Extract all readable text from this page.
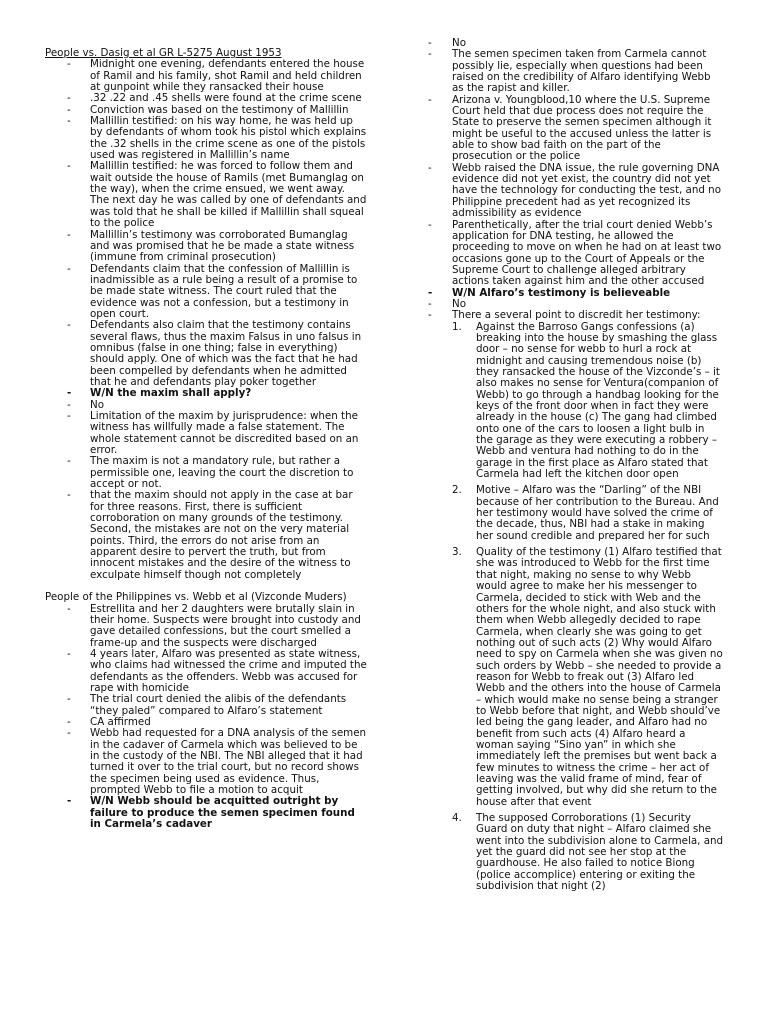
People vs. Dasig et al GR L-5275 August 1953

- Midnight one evening, defendants entered the house of Ramil and his family, shot Ramil and held children at gunpoint while they ransacked their house
- .32 .22 and .45 shells were found at the crime scene
- Conviction was based on the testimony of Mallillin
- Mallillin testified: on his way home, he was held up by defendants of whom took his pistol which explains the .32 shells in the crime scene as one of the pistols used was registered in Mallillin’s name
- Mallillin testified: he was forced to follow them and wait outside the house of Ramils (met Bumanglag on the way), when the crime ensued, we went away. The next day he was called by one of defendants and was told that he shall be killed if Mallillin shall squeal to the police
- Mallillin’s testimony was corroborated Bumanglag and was promised that he be made a state witness (immune from criminal prosecution)
- Defendants claim that the confession of Mallillin is inadmissible as a rule being a result of a promise to be made state witness. The court ruled that the evidence was not a confession, but a testimony in open court.
- Defendants also claim that the testimony contains several flaws, thus the maxim Falsus in uno falsus in omnibus (false in one thing; false in everything) should apply. One of which was the fact that he had been compelled by defendants when he admitted that he and defendants play poker together
- W/N the maxim shall apply?
- No
- Limitation of the maxim by jurisprudence: when the witness has willfully made a false statement. The whole statement cannot be discredited based on an error.
- The maxim is not a mandatory rule, but rather a permissible one, leaving the court the discretion to accept or not.
- that the maxim should not apply in the case at bar for three reasons. First, there is sufficient corroboration on many grounds of the testimony. Second, the mistakes are not on the very material points. Third, the errors do not arise from an apparent desire to pervert the truth, but from innocent mistakes and the desire of the witness to exculpate himself though not completely

People of the Philippines vs. Webb et al (Vizconde Muders)

- Estrellita and her 2 daughters were brutally slain in their home. Suspects were brought into custody and gave detailed confessions, but the court smelled a frame-up and the suspects were discharged
- 4 years later, Alfaro was presented as state witness, who claims had witnessed the crime and imputed the defendants as the offenders. Webb was accused for rape with homicide
- The trial court denied the alibis of the defendants “they paled” compared to Alfaro’s statement
- CA affirmed
- Webb had requested for a DNA analysis of the semen in the cadaver of Carmela which was believed to be in the custody of the NBI. The NBI alleged that it had turned it over to the trial court, but no record shows the specimen being used as evidence. Thus, prompted Webb to file a motion to acquit
- W/N Webb should be acquitted outright by failure to produce the semen specimen found in Carmela’s cadaver
- No
- The semen specimen taken from Carmela cannot possibly lie, especially when questions had been raised on the credibility of Alfaro identifying Webb as the rapist and killer.
- Arizona v. Youngblood,10 where the U.S. Supreme Court held that due process does not require the State to preserve the semen specimen although it might be useful to the accused unless the latter is able to show bad faith on the part of the prosecution or the police
- Webb raised the DNA issue, the rule governing DNA evidence did not yet exist, the country did not yet have the technology for conducting the test, and no Philippine precedent had as yet recognized its admissibility as evidence
- Parenthetically, after the trial court denied Webb’s application for DNA testing, he allowed the proceeding to move on when he had on at least two occasions gone up to the Court of Appeals or the Supreme Court to challenge alleged arbitrary actions taken against him and the other accused
- W/N Alfaro’s testimony is believeable
- No
- There a several point to discredit her testimony:
1. Against the Barroso Gangs confessions (a) breaking into the house by smashing the glass door – no sense for webb to hurl a rock at midnight and causing tremendous noise (b) they ransacked the house of the Vizconde’s – it also makes no sense for Ventura(companion of Webb) to go through a handbag looking for the keys of the front door when in fact they were already in the house (c) The gang had climbed onto one of the cars to loosen a light bulb in the garage as they were executing a robbery – Webb and ventura had nothing to do in the garage in the first place as Alfaro stated that Carmela had left the kitchen door open
2. Motive – Alfaro was the “Darling” of the NBI because of her contribution to the Bureau. And her testimony would have solved the crime of the decade, thus, NBI had a stake in making her sound credible and prepared her for such
3. Quality of the testimony (1) Alfaro testified that she was introduced to Webb for the first time that night, making no sense to why Webb would agree to make her his messenger to Carmela, decided to stick with Web and the others for the whole night, and also stuck with them when Webb allegedly decided to rape Carmela, when clearly she was going to get nothing out of such acts (2) Why would Alfaro need to spy on Carmela when she was given no such orders by Webb – she needed to provide a reason for Webb to freak out (3) Alfaro led Webb and the others into the house of Carmela – which would make no sense being a stranger to Webb before that night, and Webb should’ve led being the gang leader, and Alfaro had no benefit from such acts (4) Alfaro heard a woman saying “Sino yan” in which she immediately left the premises but went back a few minutes to witness the crime – her act of leaving was the valid frame of mind, fear of getting involved, but why did she return to the house after that event
4. The supposed Corroborations (1) Security Guard on duty that night – Alfaro claimed she went into the subdivision alone to Carmela, and yet the guard did not see her stop at the guardhouse. He also failed to notice Biong (police accomplice) entering or exiting the subdivision that night (2)
